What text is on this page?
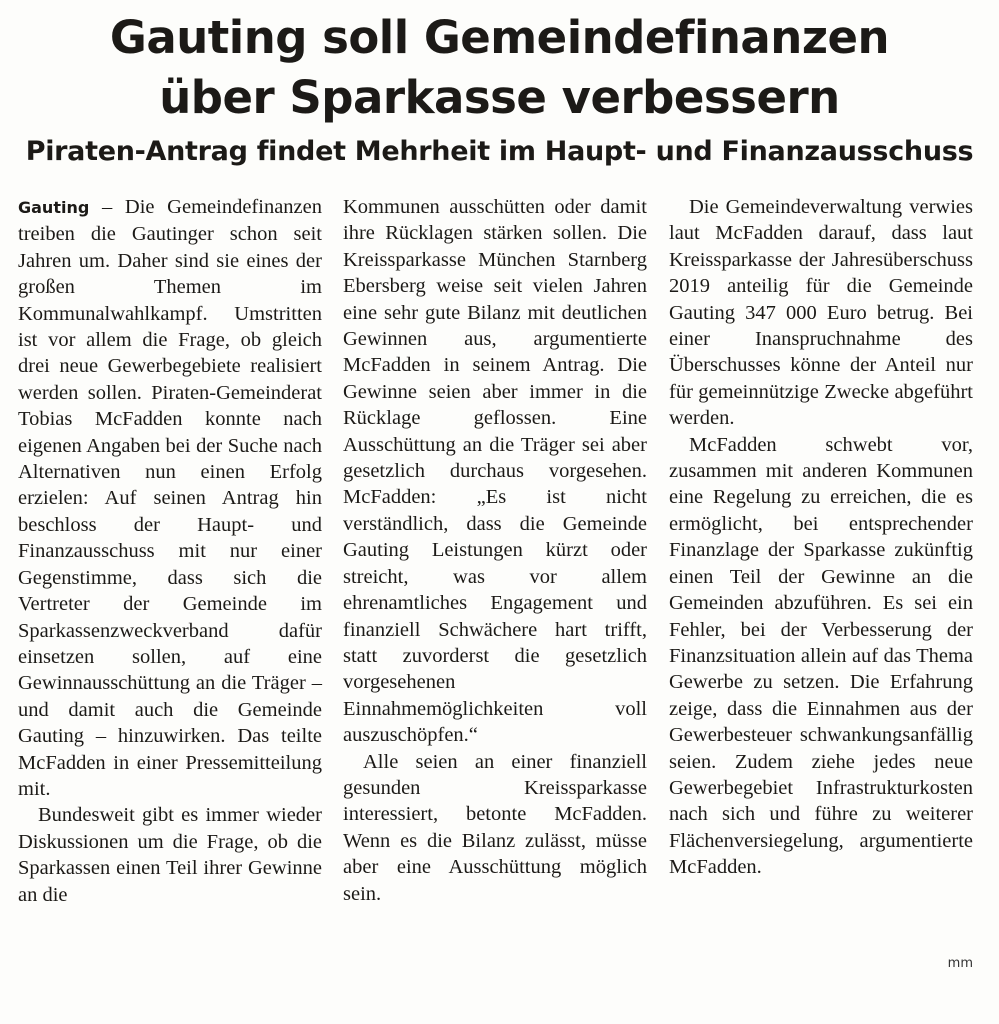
Gauting soll Gemeindefinanzen
über Sparkasse verbessern
Piraten-Antrag findet Mehrheit im Haupt- und Finanzausschuss

Gauting – Die Gemeindefinanzen treiben die Gautinger schon seit Jahren um. Daher sind sie eines der großen Themen im Kommunalwahlkampf. Umstritten ist vor allem die Frage, ob gleich drei neue Gewerbegebiete realisiert werden sollen. Piraten-Gemeinderat Tobias McFadden konnte nach eigenen Angaben bei der Suche nach Alternativen nun einen Erfolg erzielen: Auf seinen Antrag hin beschloss der Haupt- und Finanzausschuss mit nur einer Gegenstimme, dass sich die Vertreter der Gemeinde im Sparkassenzweckverband dafür einsetzen sollen, auf eine Gewinnausschüttung an die Träger – und damit auch die Gemeinde Gauting – hinzuwirken. Das teilte McFadden in einer Pressemitteilung mit.

Bundesweit gibt es immer wieder Diskussionen um die Frage, ob die Sparkassen einen Teil ihrer Gewinne an die

Kommunen ausschütten oder damit ihre Rücklagen stärken sollen. Die Kreissparkasse München Starnberg Ebersberg weise seit vielen Jahren eine sehr gute Bilanz mit deutlichen Gewinnen aus, argumentierte McFadden in seinem Antrag. Die Gewinne seien aber immer in die Rücklage geflossen. Eine Ausschüttung an die Träger sei aber gesetzlich durchaus vorgesehen. McFadden: „Es ist nicht verständlich, dass die Gemeinde Gauting Leistungen kürzt oder streicht, was vor allem ehrenamtliches Engagement und finanziell Schwächere hart trifft, statt zuvorderst die gesetzlich vorgesehenen Einnahmemöglichkeiten voll auszuschöpfen.“

Alle seien an einer finanziell gesunden Kreissparkasse interessiert, betonte McFadden. Wenn es die Bilanz zulässt, müsse aber eine Ausschüttung möglich sein.

Die Gemeindeverwaltung verwies laut McFadden darauf, dass laut Kreissparkasse der Jahresüberschuss 2019 anteilig für die Gemeinde Gauting 347 000 Euro betrug. Bei einer Inanspruchnahme des Überschusses könne der Anteil nur für gemeinnützige Zwecke abgeführt werden.

McFadden schwebt vor, zusammen mit anderen Kommunen eine Regelung zu erreichen, die es ermöglicht, bei entsprechender Finanzlage der Sparkasse zukünftig einen Teil der Gewinne an die Gemeinden abzuführen. Es sei ein Fehler, bei der Verbesserung der Finanzsituation allein auf das Thema Gewerbe zu setzen. Die Erfahrung zeige, dass die Einnahmen aus der Gewerbesteuer schwankungsanfällig seien. Zudem ziehe jedes neue Gewerbegebiet Infrastrukturkosten nach sich und führe zu weiterer Flächenversiegelung, argumentierte McFadden.

mm
